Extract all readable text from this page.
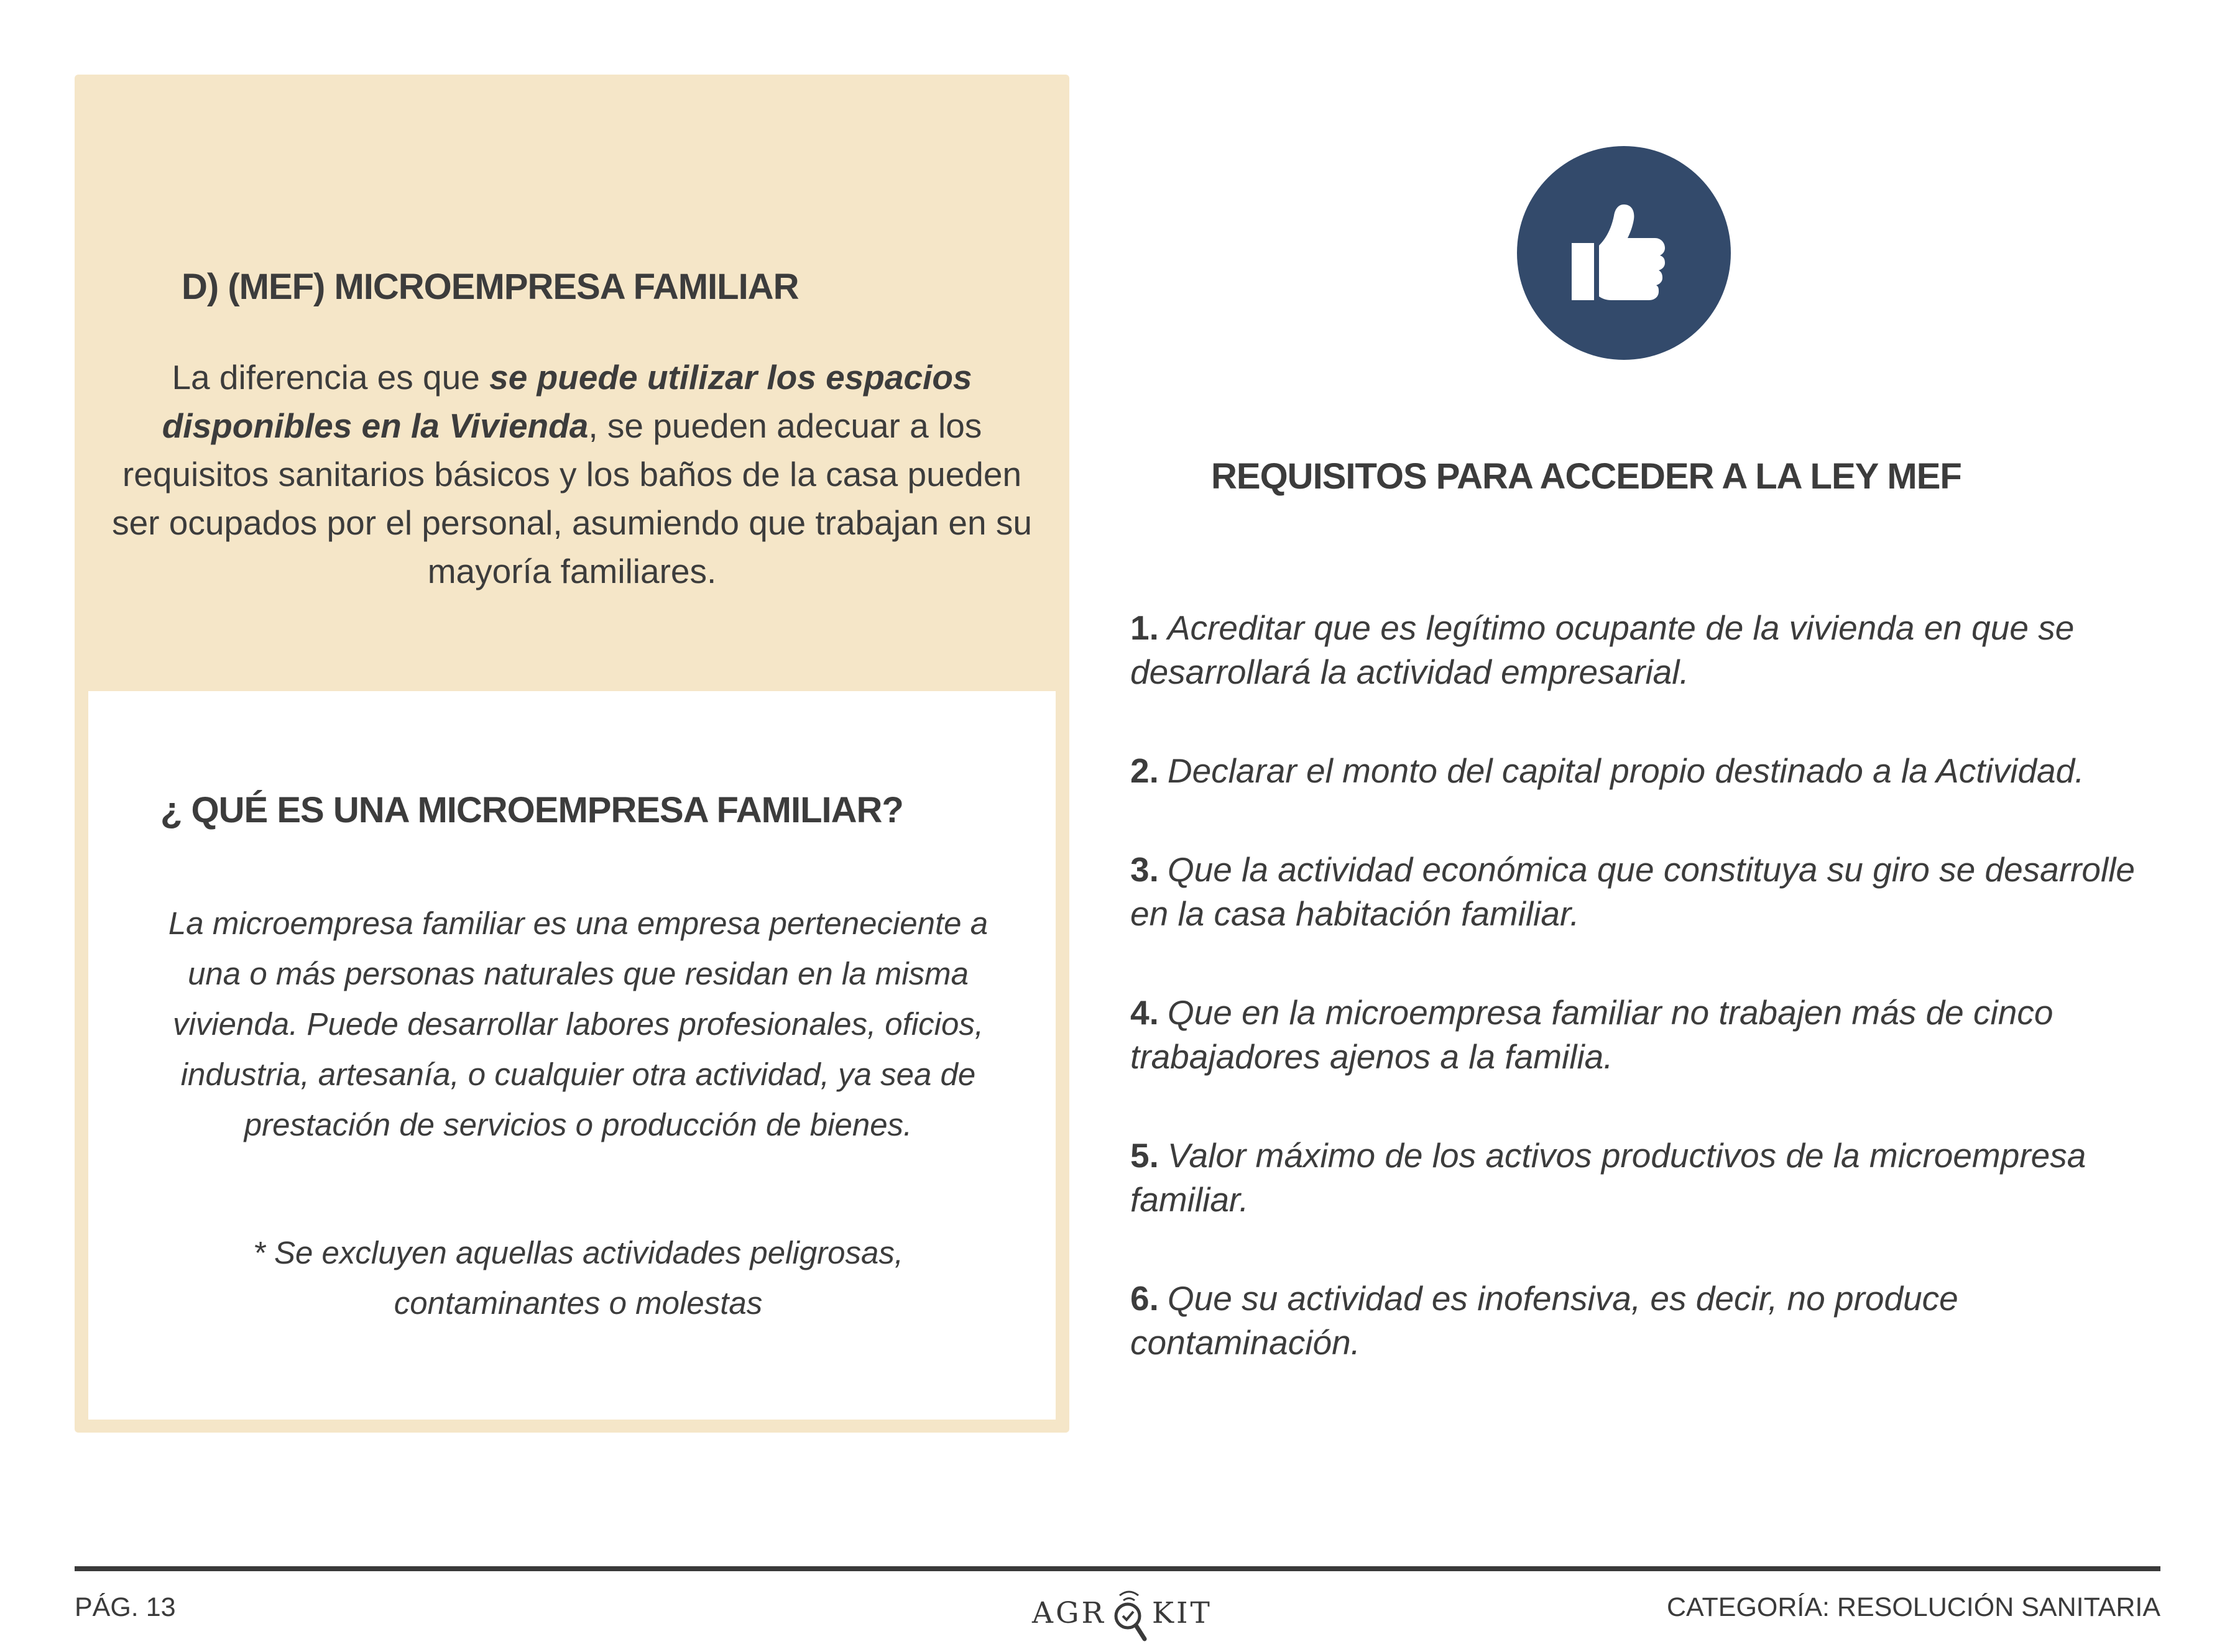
D) (MEF) MICROEMPRESA FAMILIAR

La diferencia es que se puede utilizar los espacios disponibles en la Vivienda, se pueden adecuar a los requisitos sanitarios básicos y los baños de la casa pueden ser ocupados por el personal, asumiendo que trabajan en su mayoría familiares.

¿ QUÉ ES UNA MICROEMPRESA FAMILIAR?

La microempresa familiar es una empresa perteneciente a una o más personas naturales que residan en la misma vivienda. Puede desarrollar labores profesionales, oficios, industria, artesanía, o cualquier otra actividad, ya sea de prestación de servicios o producción de bienes.

* Se excluyen aquellas actividades peligrosas, contaminantes o molestas

REQUISITOS PARA ACCEDER A LA LEY MEF
1. Acreditar que es legítimo ocupante de la vivienda en que se desarrollará la actividad empresarial.
2. Declarar el monto del capital propio destinado a la Actividad.
3. Que la actividad económica que constituya su giro se desarrolle en la casa habitación familiar.
4. Que en la microempresa familiar no trabajen más de cinco trabajadores ajenos a la familia.
5. Valor máximo de los activos productivos de la microempresa familiar.
6. Que su actividad es inofensiva, es decir, no produce contaminación.
PÁG. 13	AGR KIT	CATEGORÍA: RESOLUCIÓN SANITARIA
